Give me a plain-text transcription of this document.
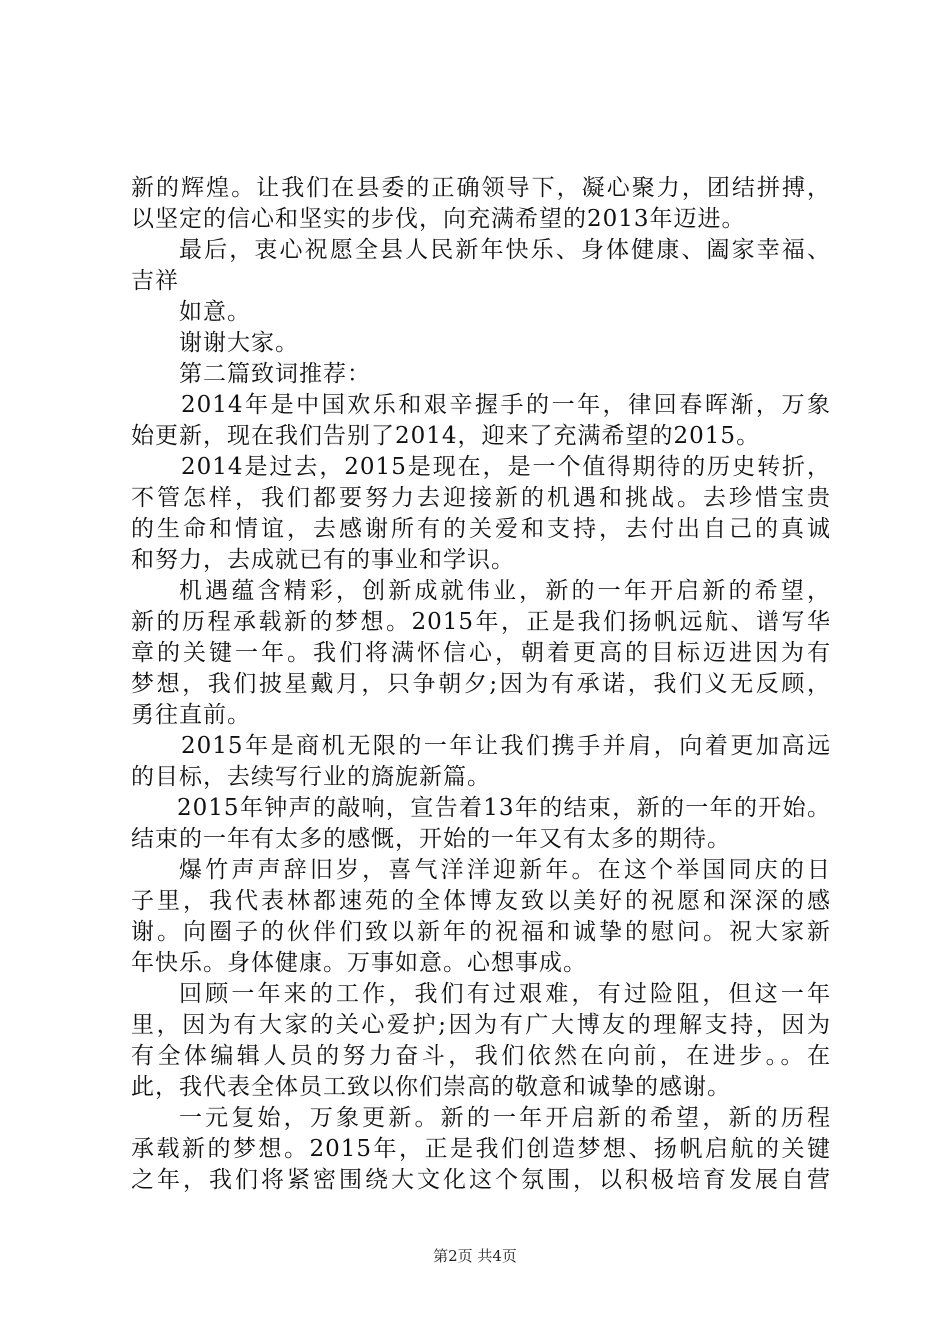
新的辉煌。让我们在县委的正确领导下，凝心聚力，团结拼搏，
以坚定的信心和坚实的步伐，向充满希望的2013年迈进。
最后，衷心祝愿全县人民新年快乐、身体健康、阖家幸福、
吉祥
如意。
谢谢大家。
第二篇致词推荐：
2014年是中国欢乐和艰辛握手的一年，律回春晖渐，万象
始更新，现在我们告别了2014，迎来了充满希望的2015。
2014是过去，2015是现在，是一个值得期待的历史转折，
不管怎样，我们都要努力去迎接新的机遇和挑战。去珍惜宝贵
的生命和情谊，去感谢所有的关爱和支持，去付出自己的真诚
和努力，去成就已有的事业和学识。
机遇蕴含精彩，创新成就伟业，新的一年开启新的希望，
新的历程承载新的梦想。2015年，正是我们扬帆远航、谱写华
章的关键一年。我们将满怀信心，朝着更高的目标迈进因为有
梦想，我们披星戴月，只争朝夕;因为有承诺，我们义无反顾，
勇往直前。
2015年是商机无限的一年让我们携手并肩，向着更加高远
的目标，去续写行业的旖旎新篇。
2015年钟声的敲响，宣告着13年的结束，新的一年的开始。
结束的一年有太多的感慨，开始的一年又有太多的期待。
爆竹声声辞旧岁，喜气洋洋迎新年。在这个举国同庆的日
子里，我代表林都速苑的全体博友致以美好的祝愿和深深的感
谢。向圈子的伙伴们致以新年的祝福和诚挚的慰问。祝大家新
年快乐。身体健康。万事如意。心想事成。
回顾一年来的工作，我们有过艰难，有过险阻，但这一年
里，因为有大家的关心爱护;因为有广大博友的理解支持，因为
有全体编辑人员的努力奋斗，我们依然在向前，在进步。。在
此，我代表全体员工致以你们崇高的敬意和诚挚的感谢。
一元复始，万象更新。新的一年开启新的希望，新的历程
承载新的梦想。2015年，正是我们创造梦想、扬帆启航的关键
之年，我们将紧密围绕大文化这个氛围，以积极培育发展自营
第2页 共4页
